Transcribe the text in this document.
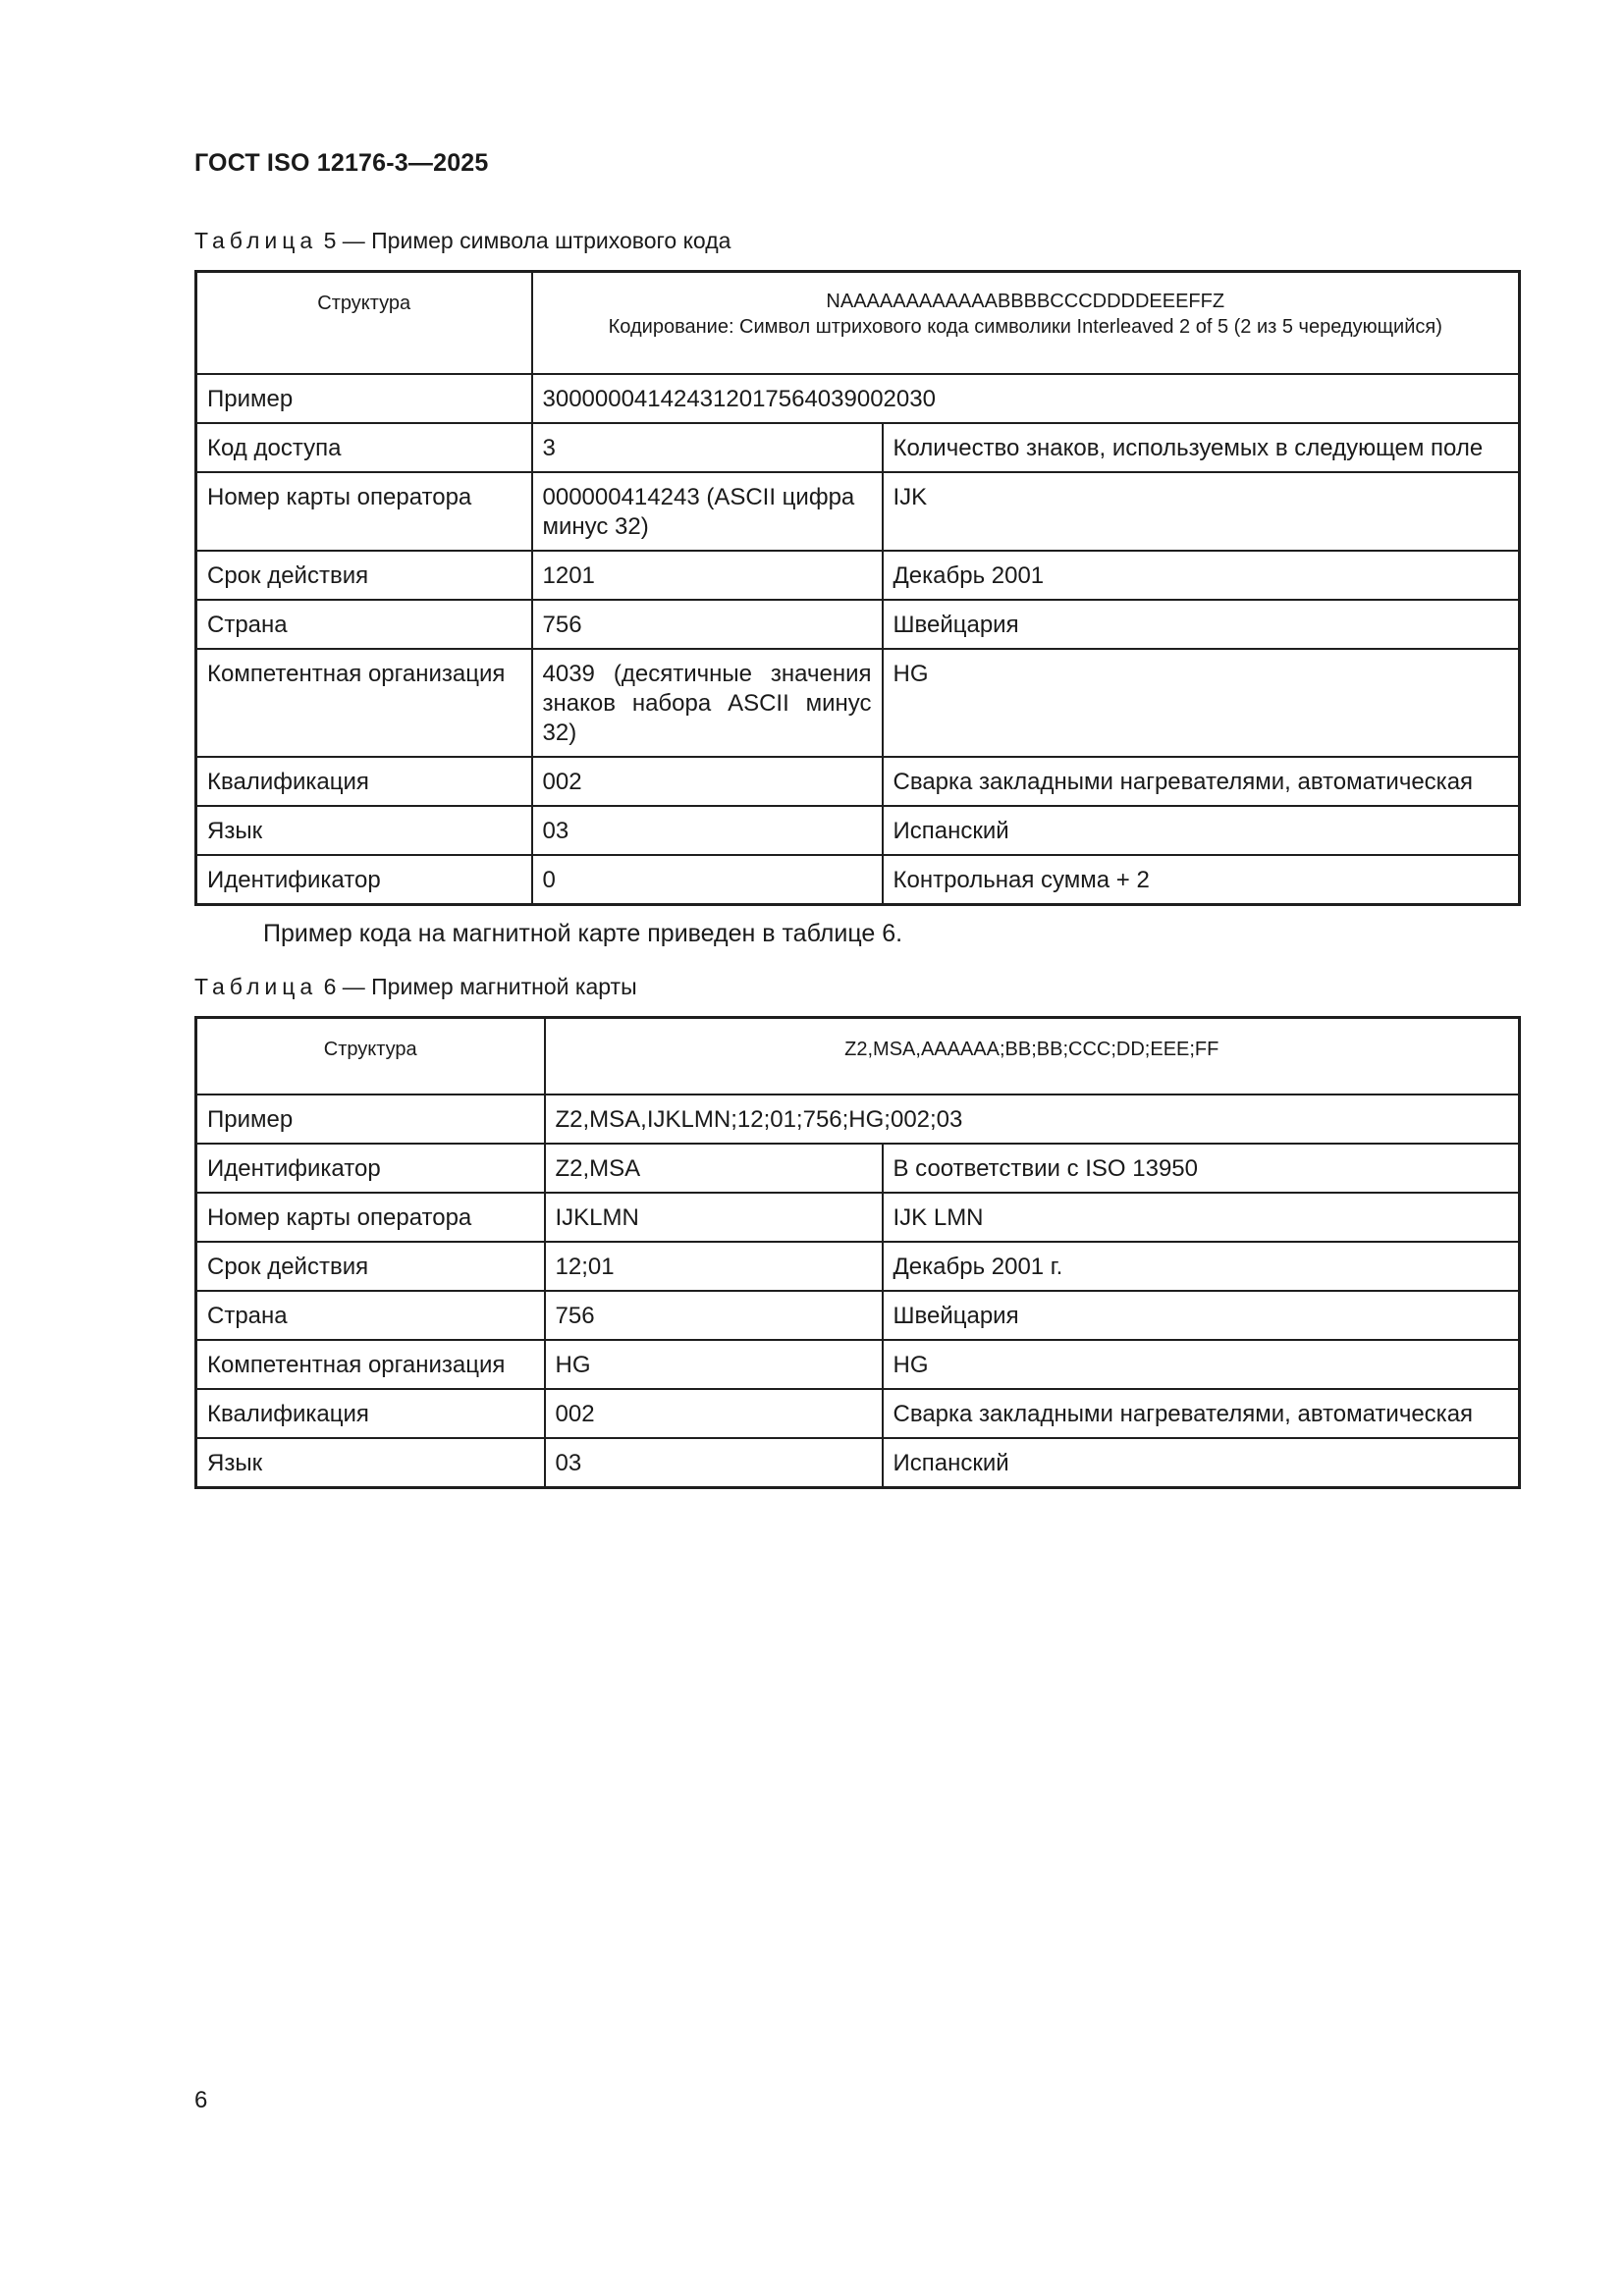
ГОСТ ISO 12176-3—2025
Таблица 5 — Пример символа штрихового кода
Структура	NAAAAAAAAAAAABBBBCCCDDDDEEEFFZ
Кодирование: Символ штрихового кода символики Interleaved 2 of 5 (2 из 5 чередующийся)	

Пример	300000041424312017564039002030	
Код доступа	3	Количество знаков, используемых в следующем поле
Номер карты оператора	000000414243 (ASCII цифра минус 32)	IJK
Срок действия	1201	Декабрь 2001
Страна	756	Швейцария
Компетентная организация	4039 (десятичные значения знаков набора ASCII минус 32)	HG
Квалификация	002	Сварка закладными нагревателями, автоматическая
Язык	03	Испанский
Идентификатор	0	Контрольная сумма + 2
Пример кода на магнитной карте приведен в таблице 6.
Таблица 6 — Пример магнитной карты
Структура	Z2,MSA,AAAAAA;BB;BB;CCC;DD;EEE;FF	
Пример	Z2,MSA,IJKLMN;12;01;756;HG;002;03	
Идентификатор	Z2,MSA	В соответствии с ISO 13950
Номер карты оператора	IJKLMN	IJK LMN
Срок действия	12;01	Декабрь 2001 г.
Страна	756	Швейцария
Компетентная организация	HG	HG
Квалификация	002	Сварка закладными нагревателями, автоматическая
Язык	03	Испанский
6
